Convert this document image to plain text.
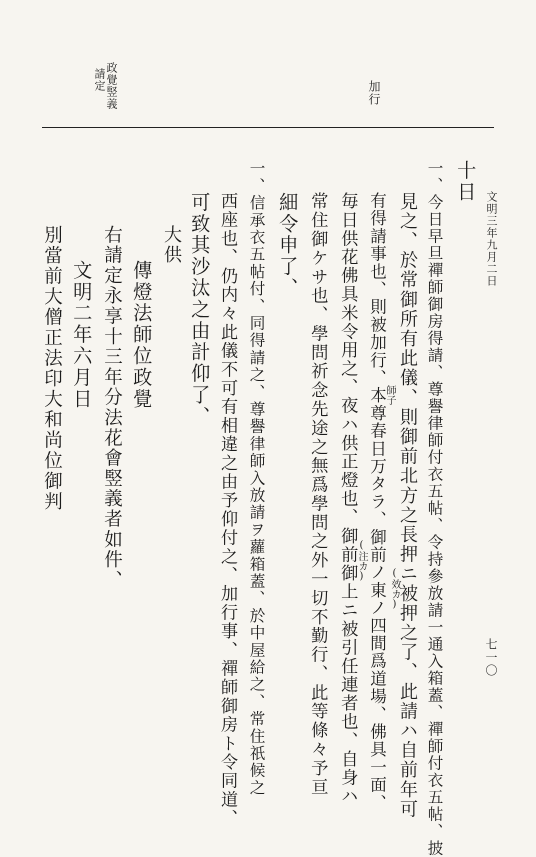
文明三年九月二日
加行
政覺竪義
請定
十日
一、今日早旦禪師御房得請、尊譽律師付衣五帖、令持參放請一通入箱蓋、禪師付衣五帖、披
見之、於常御所有此儀、則御前北方之長押ニ被押之了、此請ハ自前年可
有得請事也、則被加行、本尊春日万タラ、御前ノ東ノ四間爲道場、佛具一面、
毎日供花佛具米令用之、夜ハ供正燈也、御前御上ニ被引任連者也、自身ハ
常住御ケサ也、學問祈念先途之無爲學問之外一切不勤行、此等條々予亘
細令申了、
一、信承衣五帖付、同得請之、尊譽律師入放請ヲ蘿箱蓋、於中屋給之、常住祇候之
西座也、仍内々此儀不可有相違之由予仰付之、加行事、禪師御房ト令同道、
可致其沙汰之由計仰了、
大供
傳燈法師位政覺
右請定永享十三年分法花會竪義者如件、
文明二年六月日
別當前大僧正法印大和尚位御判
(效カ)
(注カ)
師子
七一〇
